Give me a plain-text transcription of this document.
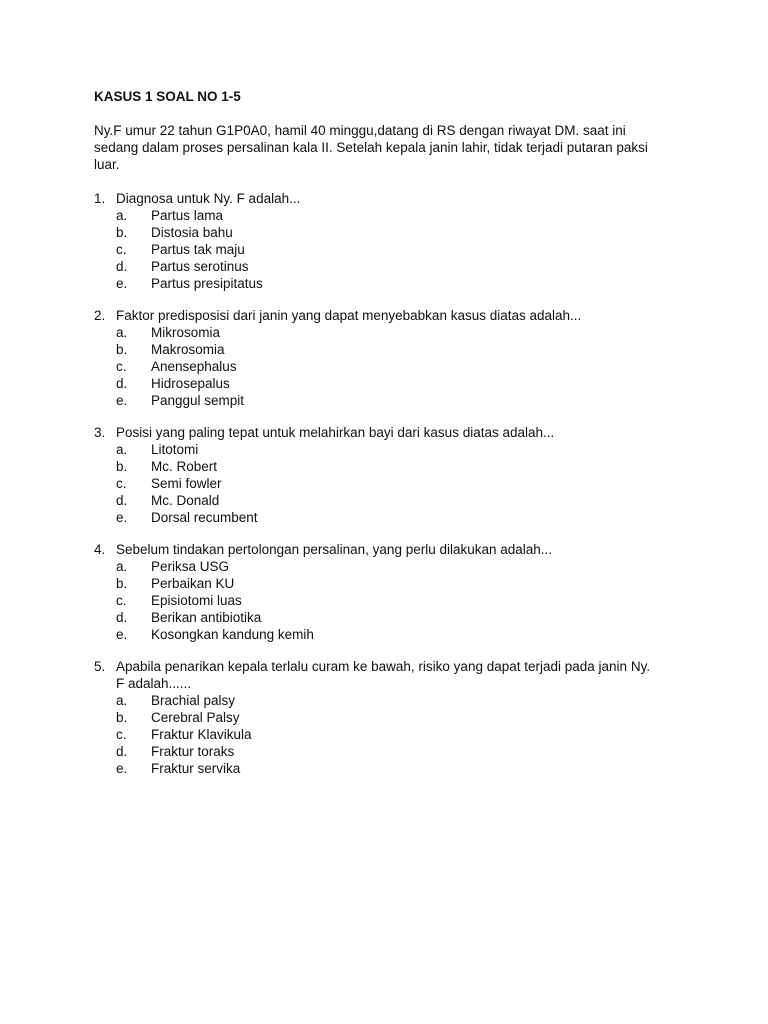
KASUS 1 SOAL NO 1-5
Ny.F umur 22 tahun G1P0A0, hamil 40 minggu,datang di RS dengan riwayat DM. saat ini sedang dalam proses persalinan kala II. Setelah kepala janin lahir, tidak terjadi putaran paksi luar.
1. Diagnosa untuk Ny. F adalah...
a.	Partus lama
b.	Distosia bahu
c.	Partus tak maju
d.	Partus serotinus
e.	Partus presipitatus
2. Faktor predisposisi dari janin yang dapat menyebabkan kasus diatas adalah...
a.	Mikrosomia
b.	Makrosomia
c.	Anensephalus
d.	Hidrosepalus
e.	Panggul sempit
3. Posisi yang paling tepat untuk melahirkan bayi dari kasus diatas adalah...
a.	Litotomi
b.	Mc. Robert
c.	Semi fowler
d.	Mc. Donald
e.	Dorsal recumbent
4. Sebelum tindakan pertolongan persalinan, yang perlu dilakukan adalah...
a.	Periksa USG
b.	Perbaikan KU
c.	Episiotomi luas
d.	Berikan antibiotika
e.	Kosongkan kandung kemih
5. Apabila penarikan kepala terlalu curam ke bawah, risiko yang dapat terjadi pada janin Ny. F adalah......
a.	Brachial palsy
b.	Cerebral Palsy
c.	Fraktur Klavikula
d.	Fraktur toraks
e.	Fraktur servika
